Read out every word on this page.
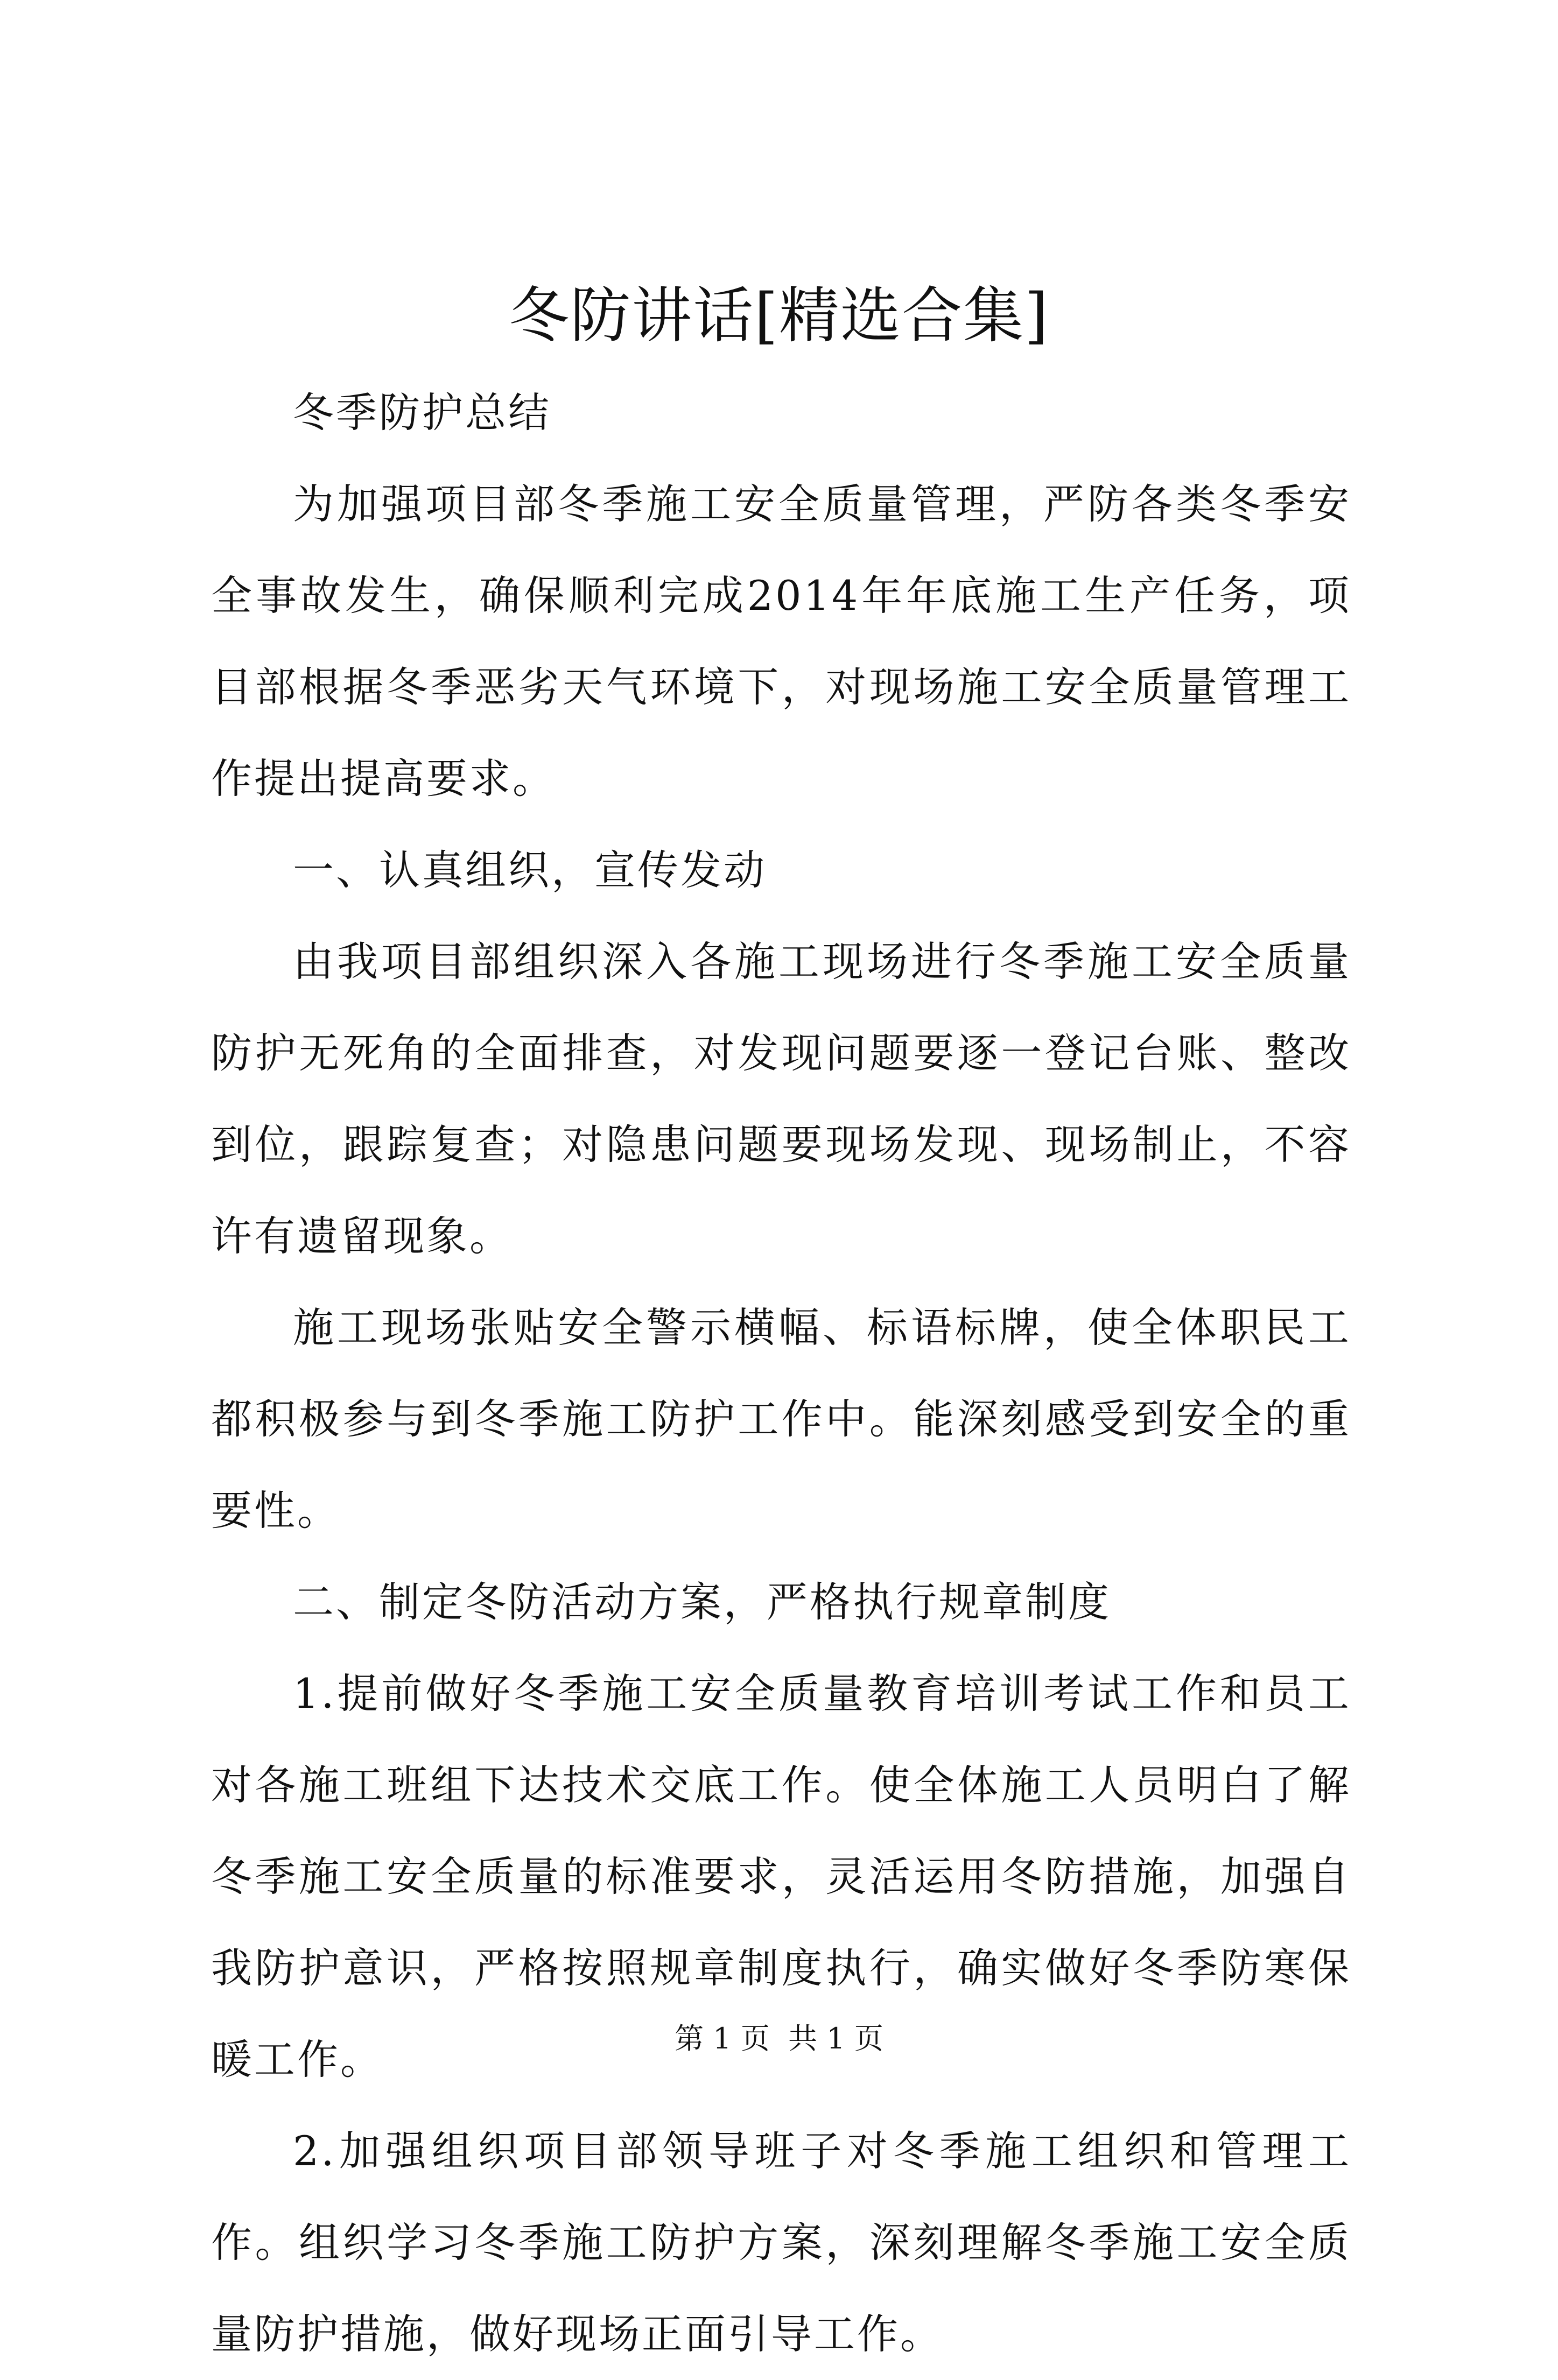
冬防讲话[精选合集]

冬季防护总结

为加强项目部冬季施工安全质量管理，严防各类冬季安全事故发生，确保顺利完成2014年年底施工生产任务，项目部根据冬季恶劣天气环境下，对现场施工安全质量管理工作提出提高要求。

一、认真组织，宣传发动

由我项目部组织深入各施工现场进行冬季施工安全质量防护无死角的全面排查，对发现问题要逐一登记台账、整改到位，跟踪复查；对隐患问题要现场发现、现场制止，不容许有遗留现象。

施工现场张贴安全警示横幅、标语标牌，使全体职民工都积极参与到冬季施工防护工作中。能深刻感受到安全的重要性。

二、制定冬防活动方案，严格执行规章制度

1.提前做好冬季施工安全质量教育培训考试工作和员工对各施工班组下达技术交底工作。使全体施工人员明白了解冬季施工安全质量的标准要求，灵活运用冬防措施，加强自我防护意识，严格按照规章制度执行，确实做好冬季防寒保暖工作。

2.加强组织项目部领导班子对冬季施工组织和管理工作。组织学习冬季施工防护方案，深刻理解冬季施工安全质量防护措施，做好现场正面引导工作。

第 1 页 共 1 页
